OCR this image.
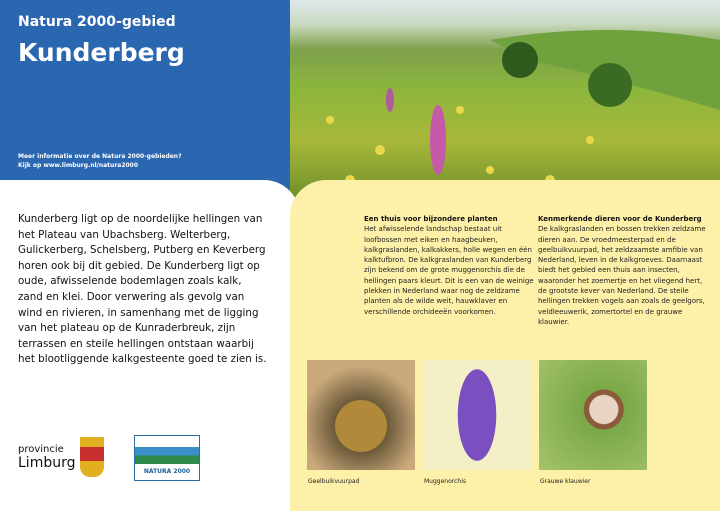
Natura 2000-gebied
Kunderberg
Meer informatie over de Natura 2000-gebieden?
Kijk op www.limburg.nl/natura2000
Kunderberg ligt op de noordelijke hellingen van het Plateau van Ubachsberg. Welterberg, Gulickerberg, Schelsberg, Putberg en Keverberg horen ook bij dit gebied. De Kunderberg ligt op oude, afwisselende bodemlagen zoals kalk, zand en klei. Door verwering als gevolg van wind en rivieren, in samenhang met de ligging van het plateau op de Kunraderbreuk, zijn terrassen en steile hellingen ontstaan waarbij het blootliggende kalkgesteente goed te zien is.
Een thuis voor bijzondere planten

Het afwisselende landschap bestaat uit loofbossen met eiken en haagbeuken, kalkgraslanden, kalkakkers, holle wegen en één kalktufbron. De kalkgraslanden van Kunderberg zijn bekend om de grote muggenorchis die de hellingen paars kleurt. Dit is een van de weinige plekken in Nederland waar nog de zeldzame planten als de wilde weit, hauwklaver en verschillende orchideeën voorkomen.

Kenmerkende dieren voor de Kunderberg

De kalkgraslanden en bossen trekken zeldzame dieren aan. De vroedmeesterpad en de geelbuikvuurpad, het zeldzaamste amfibie van Nederland, leven in de kalkgroeves. Daarnaast biedt het gebied een thuis aan insecten, waaronder het zoemertje en het vliegend hert, de grootste kever van Nederland. De steile hellingen trekken vogels aan zoals de geelgors, veldleeuwerik, zomertortel en de grauwe klauwier.

Geelbuikvuurpad	Muggenorchis	Grauwe klauwier
provincie
Limburg
NATURA 2000
